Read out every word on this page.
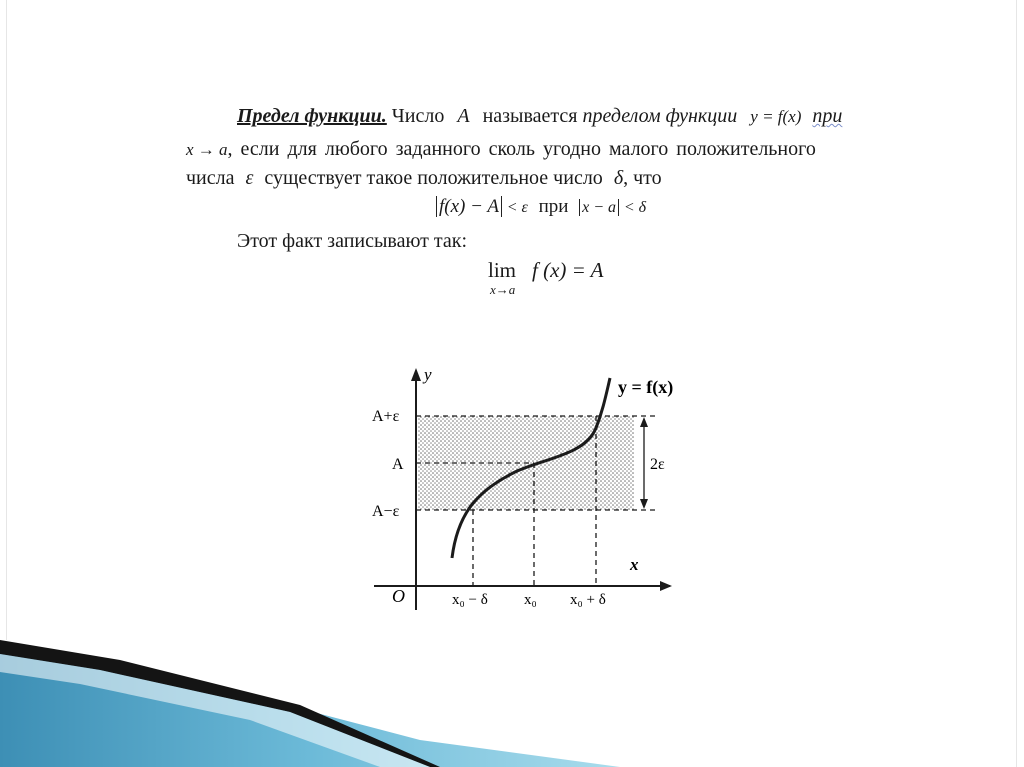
Предел функции. Число A называется пределом функции y = f(x) при
x → a, если для любого заданного сколь угодно малого положительного
числа ε существует такое положительное число δ, что
f(x) − A < ε при x − a < δ
Этот факт записывают так:
lim
x→a
f (x) = A
y
x
O
y = f(x)
A+ε
A
A−ε
2ε
x₀ − δ x₀ x₀ + δ
